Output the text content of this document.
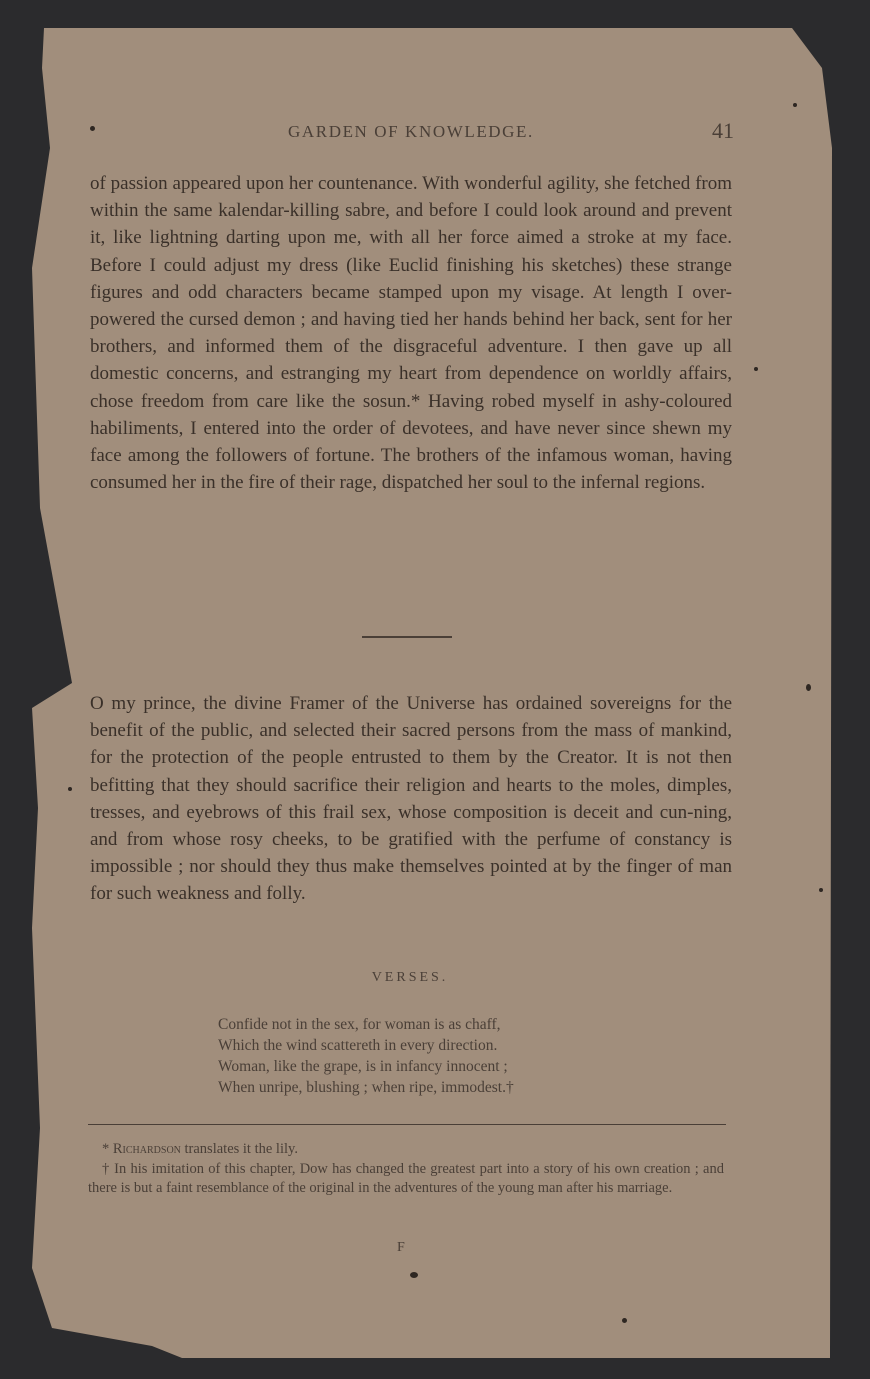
GARDEN OF KNOWLEDGE.	41

of passion appeared upon her countenance. With wonderful agility, she fetched from within the same kalendar-killing sabre, and before I could look around and prevent it, like lightning darting upon me, with all her force aimed a stroke at my face. Before I could adjust my dress (like Euclid finishing his sketches) these strange figures and odd characters became stamped upon my visage. At length I over-powered the cursed demon ; and having tied her hands behind her back, sent for her brothers, and informed them of the disgraceful adventure. I then gave up all domestic concerns, and estranging my heart from dependence on worldly affairs, chose freedom from care like the sosun.* Having robed myself in ashy-coloured habiliments, I entered into the order of devotees, and have never since shewn my face among the followers of fortune. The brothers of the infamous woman, having consumed her in the fire of their rage, dispatched her soul to the infernal regions.

O my prince, the divine Framer of the Universe has ordained sovereigns for the benefit of the public, and selected their sacred persons from the mass of mankind, for the protection of the people entrusted to them by the Creator. It is not then befitting that they should sacrifice their religion and hearts to the moles, dimples, tresses, and eyebrows of this frail sex, whose composition is deceit and cun-ning, and from whose rosy cheeks, to be gratified with the perfume of constancy is impossible ; nor should they thus make themselves pointed at by the finger of man for such weakness and folly.

VERSES.
Confide not in the sex, for woman is as chaff,
Which the wind scattereth in every direction.
Woman, like the grape, is in infancy innocent ;
When unripe, blushing ; when ripe, immodest.†
* Richardson translates it the lily.
† In his imitation of this chapter, Dow has changed the greatest part into a story of his own creation ; and there is but a faint resemblance of the original in the adventures of the young man after his marriage.
F
